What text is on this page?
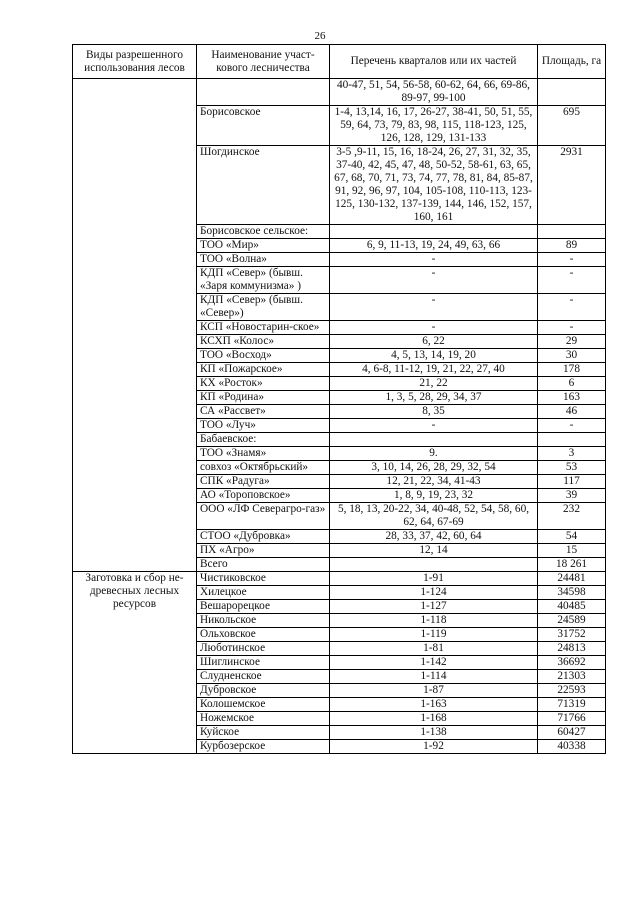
26
Виды разрешенного использования лесов	Наименование участ-кового лесничества	Перечень кварталов или их частей	Площадь, га
		40-47, 51, 54, 56-58, 60-62, 64, 66, 69-86, 89-97, 99-100	
	Борисовское	1-4, 13,14, 16, 17, 26-27, 38-41, 50, 51, 55, 59, 64, 73, 79, 83, 98, 115, 118-123, 125, 126, 128, 129, 131-133	695
	Шогдинское	3-5 ,9-11, 15, 16, 18-24, 26, 27, 31, 32, 35, 37-40, 42, 45, 47, 48, 50-52, 58-61, 63, 65, 67, 68, 70, 71, 73, 74, 77, 78, 81, 84, 85-87, 91, 92, 96, 97, 104, 105-108, 110-113, 123-125, 130-132, 137-139, 144, 146, 152, 157, 160, 161	2931
	Борисовское сельское:		
	ТОО «Мир»	6, 9, 11-13, 19, 24, 49, 63, 66	89
	ТОО «Волна»	-	-
	КДП «Север» (бывш. «Заря коммунизма» )	-	-
	КДП «Север» (бывш. «Север»)	-	-
	КСП «Новостарин-ское»	-	-
	КСХП «Колос»	6, 22	29
	ТОО «Восход»	4, 5, 13, 14, 19, 20	30
	КП «Пожарское»	4, 6-8, 11-12, 19, 21, 22, 27, 40	178
	КХ «Росток»	21, 22	6
	КП «Родина»	1, 3, 5, 28, 29, 34, 37	163
	СА «Рассвет»	8, 35	46
	ТОО «Луч»	-	-
	Бабаевское:		
	ТОО «Знамя»	9.	3
	совхоз «Октябрьский»	3, 10, 14, 26, 28, 29, 32, 54	53
	СПК «Радуга»	12, 21, 22, 34, 41-43	117
	АО «Тороповское»	1, 8, 9, 19, 23, 32	39
	ООО «ЛФ Северагро-газ»	5, 18, 13, 20-22, 34, 40-48, 52, 54, 58, 60, 62, 64, 67-69	232
	СТОО «Дубровка»	28, 33, 37, 42, 60, 64	54
	ПХ «Агро»	12, 14	15
	Всего		18 261
Заготовка и сбор не-древесных лесных ресурсов	Чистиковское	1-91	24481
	Хилецкое	1-124	34598
	Вешарорецкое	1-127	40485
	Никольское	1-118	24589
	Ольховское	1-119	31752
	Люботинское	1-81	24813
	Шиглинское	1-142	36692
	Слудненское	1-114	21303
	Дубровское	1-87	22593
	Колошемское	1-163	71319
	Ножемское	1-168	71766
	Куйское	1-138	60427
	Курбозерское	1-92	40338
